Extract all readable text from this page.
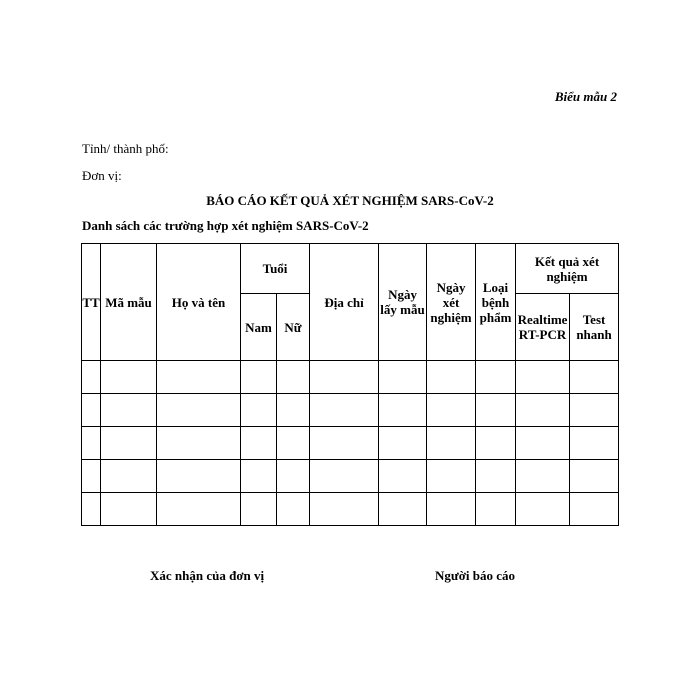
Biểu mẫu 2
Tỉnh/ thành phố:
Đơn vị:
BÁO CÁO KẾT QUẢ XÉT NGHIỆM SARS-CoV-2
Danh sách các trường hợp xét nghiệm SARS-CoV-2
TT	Mã mẫu	Họ và tên	Tuổi		Địa chỉ	Ngày lấy mẫu	Ngày xét nghiệm	Loại bệnh phẩm	Kết quả xét nghiệm	
			Nam	Nữ					Realtime RT-PCR	Test nhanh

Xác nhận của đơn vị	Người báo cáo
